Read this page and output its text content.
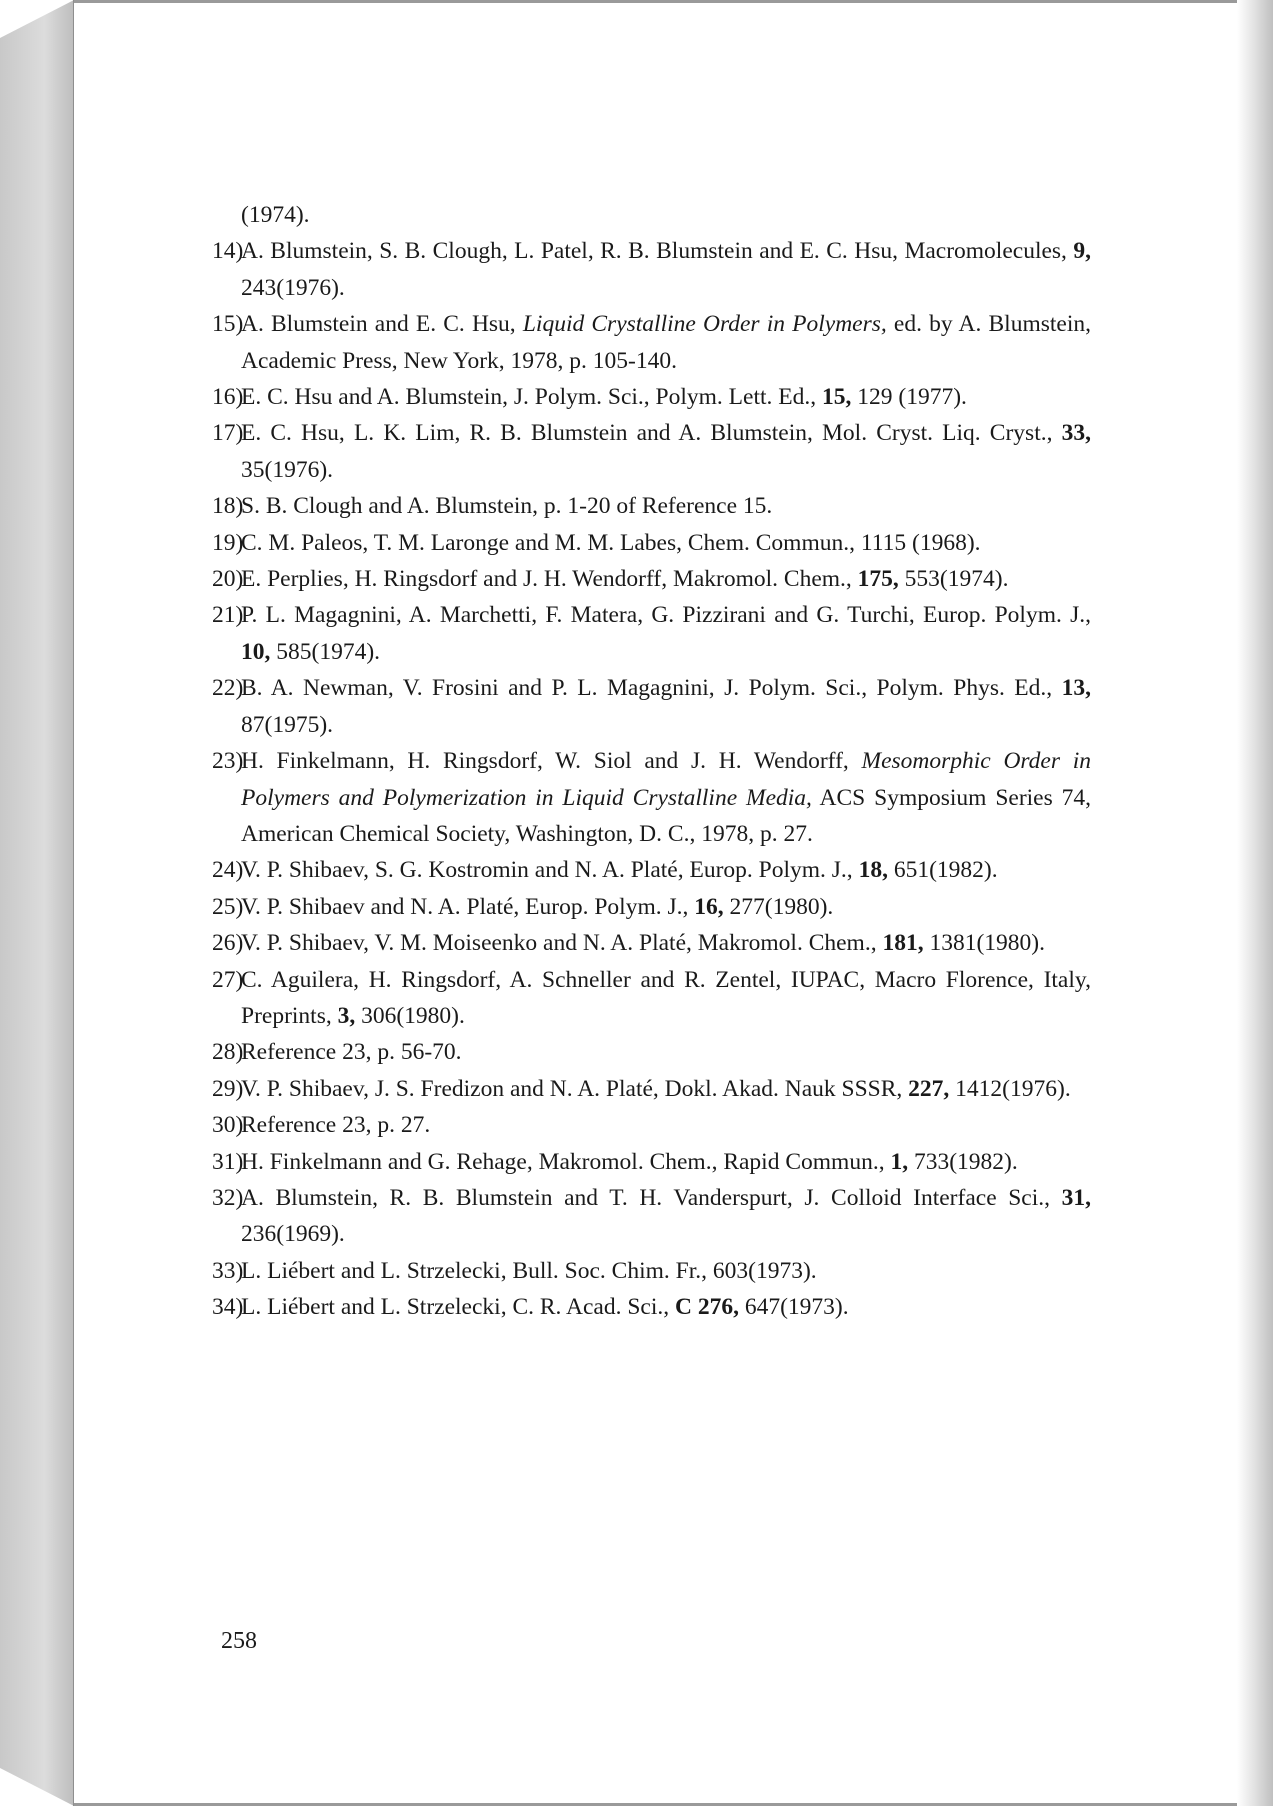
(1974).
14)
A. Blumstein, S. B. Clough, L. Patel, R. B. Blumstein and E. C. Hsu, Macromolecules, 9, 243(1976).
15)
A. Blumstein and E. C. Hsu, Liquid Crystalline Order in Polymers, ed. by A. Blumstein, Academic Press, New York, 1978, p. 105-140.
16)
E. C. Hsu and A. Blumstein, J. Polym. Sci., Polym. Lett. Ed., 15, 129 (1977).
17)
E. C. Hsu, L. K. Lim, R. B. Blumstein and A. Blumstein, Mol. Cryst. Liq. Cryst., 33, 35(1976).
18)
S. B. Clough and A. Blumstein, p. 1-20 of Reference 15.
19)
C. M. Paleos, T. M. Laronge and M. M. Labes, Chem. Commun., 1115 (1968).
20)
E. Perplies, H. Ringsdorf and J. H. Wendorff, Makromol. Chem., 175, 553(1974).
21)
P. L. Magagnini, A. Marchetti, F. Matera, G. Pizzirani and G. Turchi, Europ. Polym. J., 10, 585(1974).
22)
B. A. Newman, V. Frosini and P. L. Magagnini, J. Polym. Sci., Polym. Phys. Ed., 13, 87(1975).
23)
H. Finkelmann, H. Ringsdorf, W. Siol and J. H. Wendorff, Mesomorphic Order in Polymers and Polymerization in Liquid Crystalline Media, ACS Symposium Series 74, American Chemical Society, Washington, D. C., 1978, p. 27.
24)
V. P. Shibaev, S. G. Kostromin and N. A. Platé, Europ. Polym. J., 18, 651(1982).
25)
V. P. Shibaev and N. A. Platé, Europ. Polym. J., 16, 277(1980).
26)
V. P. Shibaev, V. M. Moiseenko and N. A. Platé, Makromol. Chem., 181, 1381(1980).
27)
C. Aguilera, H. Ringsdorf, A. Schneller and R. Zentel, IUPAC, Macro Florence, Italy, Preprints, 3, 306(1980).
28)
Reference 23, p. 56-70.
29)
V. P. Shibaev, J. S. Fredizon and N. A. Platé, Dokl. Akad. Nauk SSSR, 227, 1412(1976).
30)
Reference 23, p. 27.
31)
H. Finkelmann and G. Rehage, Makromol. Chem., Rapid Commun., 1, 733(1982).
32)
A. Blumstein, R. B. Blumstein and T. H. Vanderspurt, J. Colloid Interface Sci., 31, 236(1969).
33)
L. Liébert and L. Strzelecki, Bull. Soc. Chim. Fr., 603(1973).
34)
L. Liébert and L. Strzelecki, C. R. Acad. Sci., C 276, 647(1973).
258
